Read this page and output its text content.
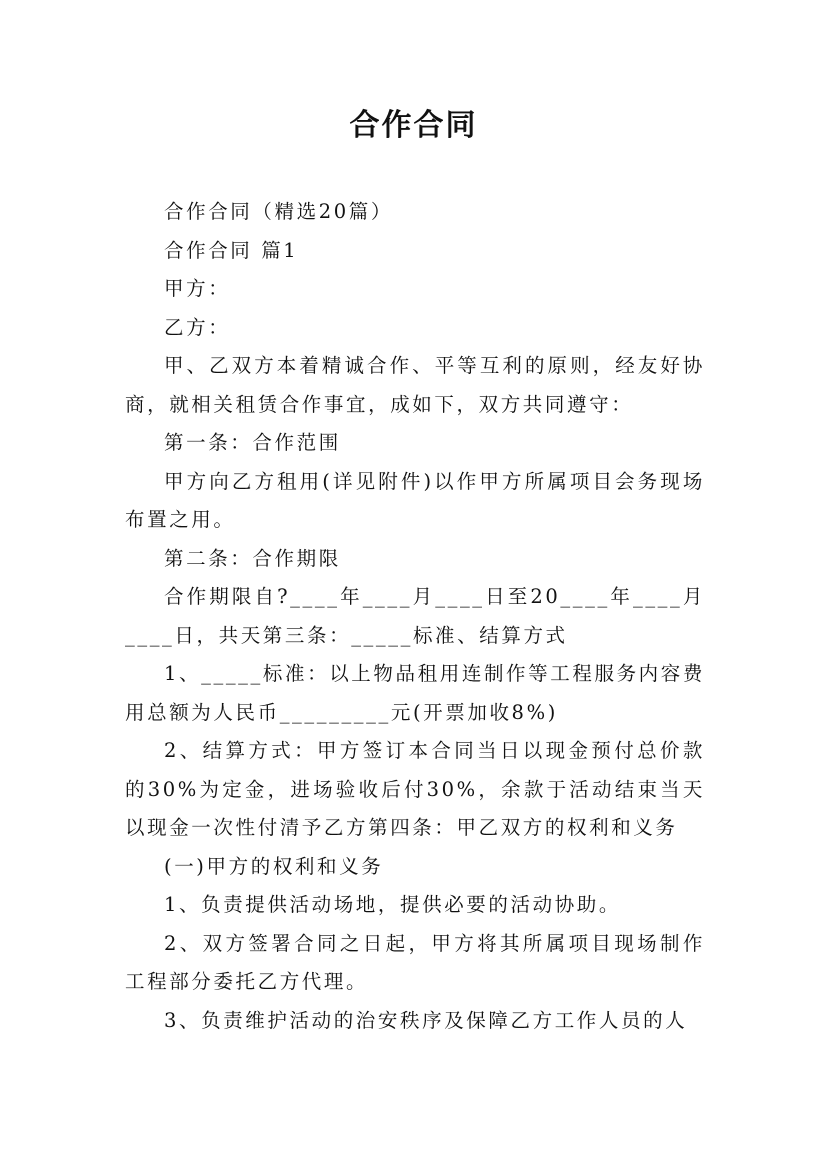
合作合同

合作合同（精选20篇）

合作合同 篇1

甲方：

乙方：

甲、乙双方本着精诚合作、平等互利的原则，经友好协商，就相关租赁合作事宜，成如下，双方共同遵守：

第一条：合作范围

甲方向乙方租用(详见附件)以作甲方所属项目会务现场布置之用。

第二条：合作期限

合作期限自?____年____月____日至20____年____月____日，共天第三条：_____标准、结算方式

1、_____标准：以上物品租用连制作等工程服务内容费用总额为人民币_________元(开票加收8%)

2、结算方式：甲方签订本合同当日以现金预付总价款的30%为定金，进场验收后付30%，余款于活动结束当天以现金一次性付清予乙方第四条：甲乙双方的权利和义务

(一)甲方的权利和义务

1、负责提供活动场地，提供必要的活动协助。

2、双方签署合同之日起，甲方将其所属项目现场制作工程部分委托乙方代理。

3、负责维护活动的治安秩序及保障乙方工作人员的人
